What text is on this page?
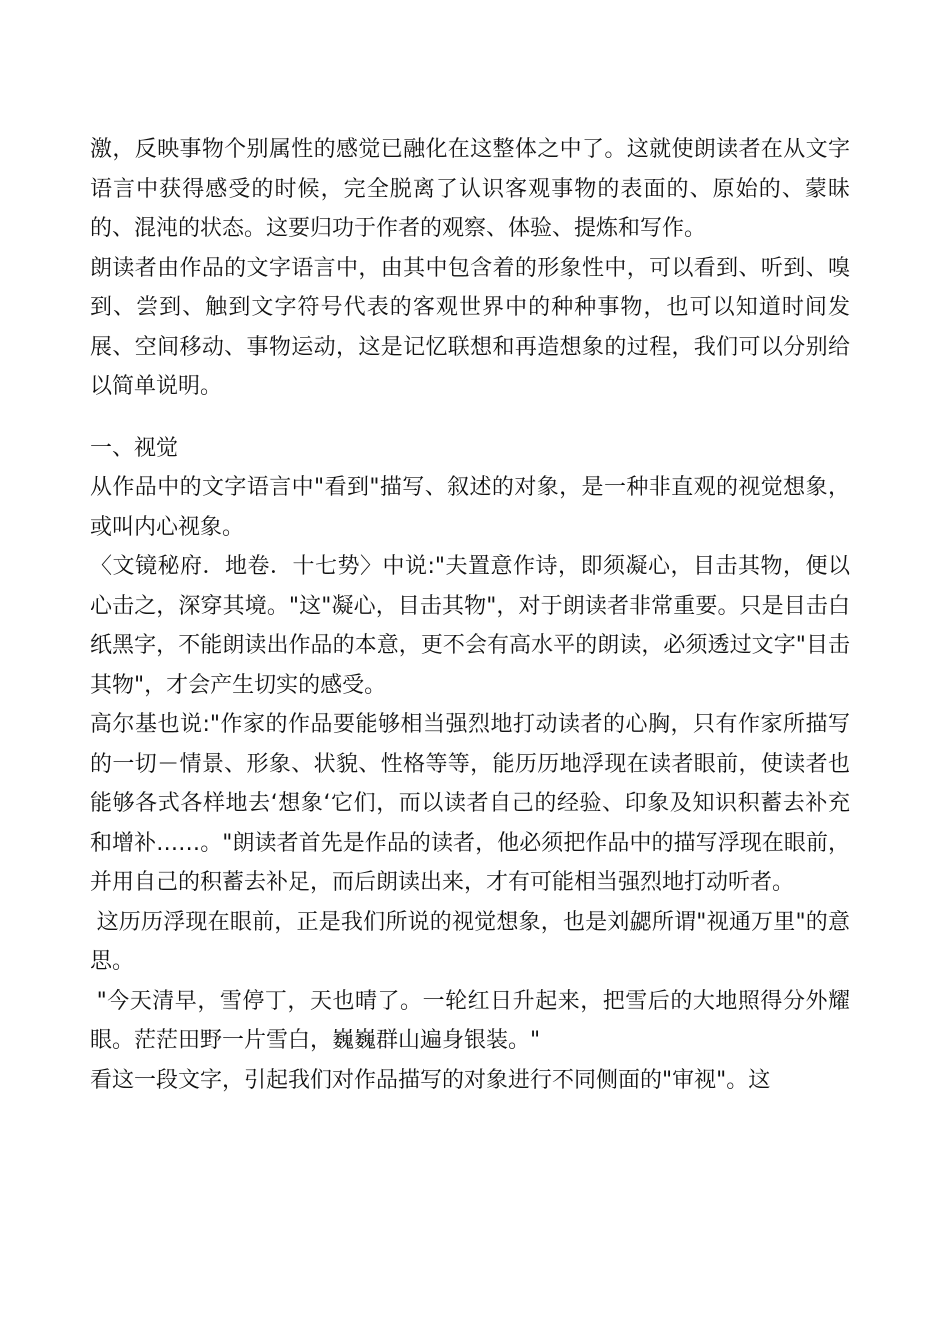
激，反映事物个别属性的感觉已融化在这整体之中了。这就使朗读者在从文字语言中获得感受的时候，完全脱离了认识客观事物的表面的、原始的、蒙昧的、混沌的状态。这要归功于作者的观察、体验、提炼和写作。

朗读者由作品的文字语言中，由其中包含着的形象性中，可以看到、听到、嗅到、尝到、触到文字符号代表的客观世界中的种种事物，也可以知道时间发展、空间移动、事物运动，这是记忆联想和再造想象的过程，我们可以分别给以简单说明。

一、视觉

从作品中的文字语言中"看到"描写、叙述的对象，是一种非直观的视觉想象，或叫内心视象。

〈文镜秘府．地卷．十七势〉中说:"夫置意作诗，即须凝心，目击其物，便以心击之，深穿其境。"这"凝心，目击其物"，对于朗读者非常重要。只是目击白纸黑字，不能朗读出作品的本意，更不会有高水平的朗读，必须透过文字"目击其物"，才会产生切实的感受。

高尔基也说:"作家的作品要能够相当强烈地打动读者的心胸，只有作家所描写的一切－情景、形象、状貌、性格等等，能历历地浮现在读者眼前，使读者也能够各式各样地去‘想象‘它们，而以读者自己的经验、印象及知识积蓄去补充和增补……。"朗读者首先是作品的读者，他必须把作品中的描写浮现在眼前，并用自己的积蓄去补足，而后朗读出来，才有可能相当强烈地打动听者。

这历历浮现在眼前，正是我们所说的视觉想象，也是刘勰所谓"视通万里"的意思。

"今天清早，雪停丁，天也晴了。一轮红日升起来，把雪后的大地照得分外耀眼。茫茫田野一片雪白，巍巍群山遍身银装。"

看这一段文字，引起我们对作品描写的对象进行不同侧面的"审视"。这
